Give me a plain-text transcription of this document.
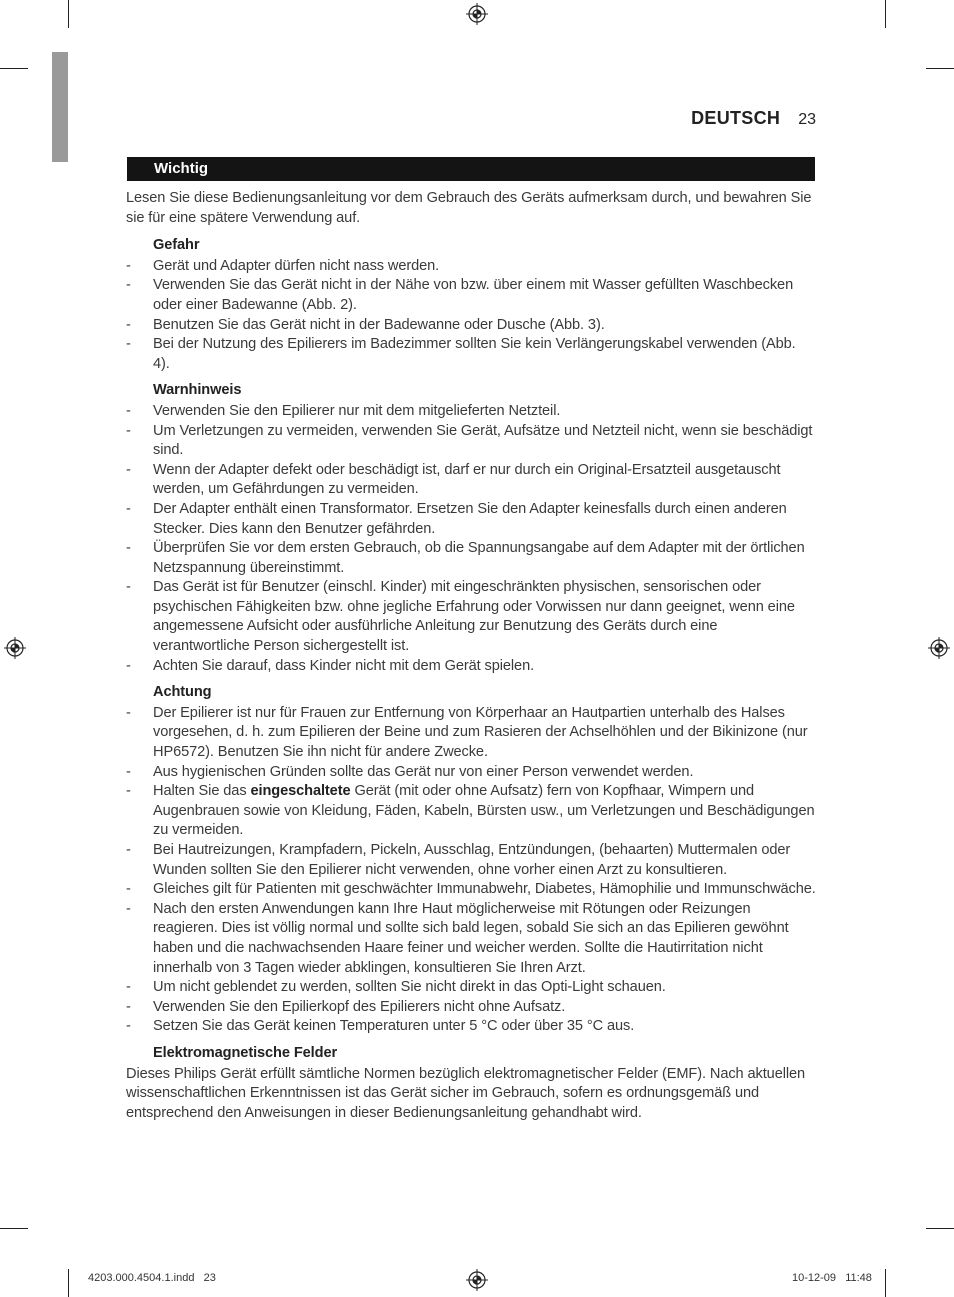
DEUTSCH 23
Wichtig

Lesen Sie diese Bedienungsanleitung vor dem Gebrauch des Geräts aufmerksam durch, und bewahren Sie sie für eine spätere Verwendung auf.

Gefahr
- Gerät und Adapter dürfen nicht nass werden.
- Verwenden Sie das Gerät nicht in der Nähe von bzw. über einem mit Wasser gefüllten Waschbecken oder einer Badewanne (Abb. 2).
- Benutzen Sie das Gerät nicht in der Badewanne oder Dusche (Abb. 3).
- Bei der Nutzung des Epilierers im Badezimmer sollten Sie kein Verlängerungskabel verwenden (Abb. 4).
Warnhinweis
- Verwenden Sie den Epilierer nur mit dem mitgelieferten Netzteil.
- Um Verletzungen zu vermeiden, verwenden Sie Gerät, Aufsätze und Netzteil nicht, wenn sie beschädigt sind.
- Wenn der Adapter defekt oder beschädigt ist, darf er nur durch ein Original-Ersatzteil ausgetauscht werden, um Gefährdungen zu vermeiden.
- Der Adapter enthält einen Transformator. Ersetzen Sie den Adapter keinesfalls durch einen anderen Stecker. Dies kann den Benutzer gefährden.
- Überprüfen Sie vor dem ersten Gebrauch, ob die Spannungsangabe auf dem Adapter mit der örtlichen Netzspannung übereinstimmt.
- Das Gerät ist für Benutzer (einschl. Kinder) mit eingeschränkten physischen, sensorischen oder psychischen Fähigkeiten bzw. ohne jegliche Erfahrung oder Vorwissen nur dann geeignet, wenn eine angemessene Aufsicht oder ausführliche Anleitung zur Benutzung des Geräts durch eine verantwortliche Person sichergestellt ist.
- Achten Sie darauf, dass Kinder nicht mit dem Gerät spielen.
Achtung
- Der Epilierer ist nur für Frauen zur Entfernung von Körperhaar an Hautpartien unterhalb des Halses vorgesehen, d. h. zum Epilieren der Beine und zum Rasieren der Achselhöhlen und der Bikinizone (nur HP6572). Benutzen Sie ihn nicht für andere Zwecke.
- Aus hygienischen Gründen sollte das Gerät nur von einer Person verwendet werden.
- Halten Sie das eingeschaltete Gerät (mit oder ohne Aufsatz) fern von Kopfhaar, Wimpern und Augenbrauen sowie von Kleidung, Fäden, Kabeln, Bürsten usw., um Verletzungen und Beschädigungen zu vermeiden.
- Bei Hautreizungen, Krampfadern, Pickeln, Ausschlag, Entzündungen, (behaarten) Muttermalen oder Wunden sollten Sie den Epilierer nicht verwenden, ohne vorher einen Arzt zu konsultieren.
- Gleiches gilt für Patienten mit geschwächter Immunabwehr, Diabetes, Hämophilie und Immunschwäche.
- Nach den ersten Anwendungen kann Ihre Haut möglicherweise mit Rötungen oder Reizungen reagieren. Dies ist völlig normal und sollte sich bald legen, sobald Sie sich an das Epilieren gewöhnt haben und die nachwachsenden Haare feiner und weicher werden. Sollte die Hautirritation nicht innerhalb von 3 Tagen wieder abklingen, konsultieren Sie Ihren Arzt.
- Um nicht geblendet zu werden, sollten Sie nicht direkt in das Opti-Light schauen.
- Verwenden Sie den Epilierkopf des Epilierers nicht ohne Aufsatz.
- Setzen Sie das Gerät keinen Temperaturen unter 5 °C oder über 35 °C aus.
Elektromagnetische Felder

Dieses Philips Gerät erfüllt sämtliche Normen bezüglich elektromagnetischer Felder (EMF). Nach aktuellen wissenschaftlichen Erkenntnissen ist das Gerät sicher im Gebrauch, sofern es ordnungsgemäß und entsprechend den Anweisungen in dieser Bedienungsanleitung gehandhabt wird.

4203.000.4504.1.indd   23	10-12-09   11:48
